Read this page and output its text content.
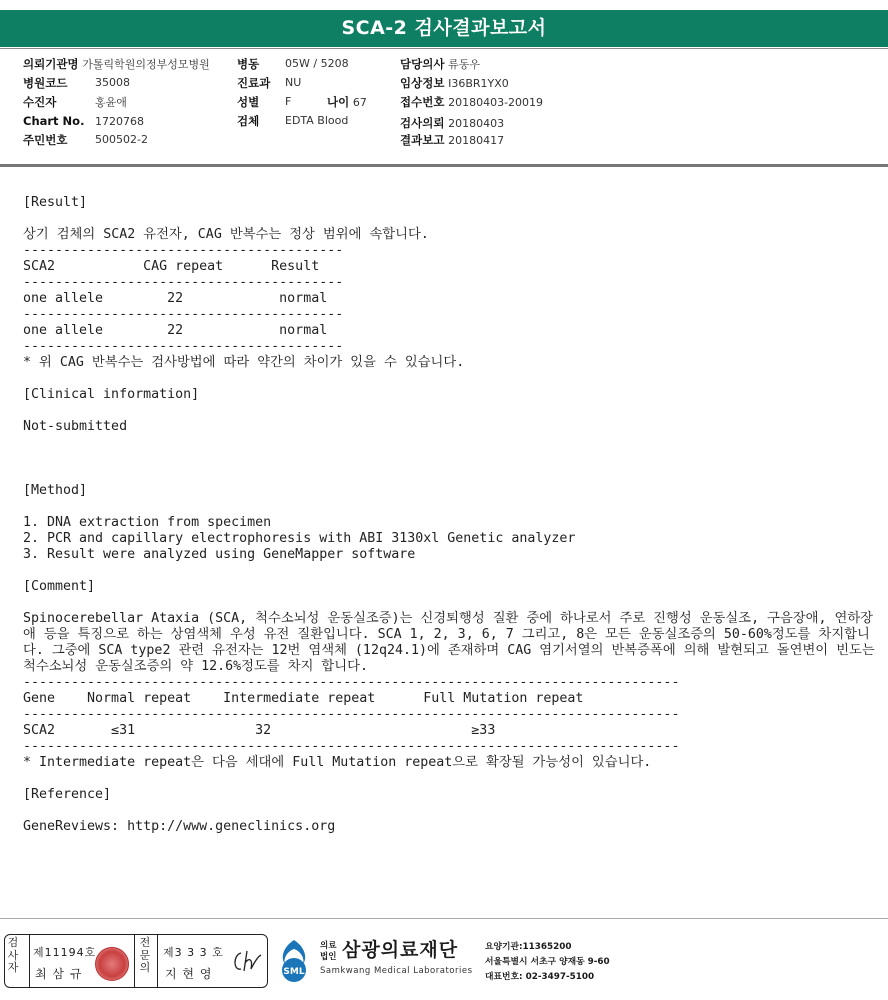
SCA-2 검사결과보고서
의뢰기관명 가톨릭학원의정부성모병원
병원코드	35008
수진자	홍윤애
Chart No. 1720768
주민번호	500502-2
병동 05W / 5208
진료과 NU
성별 F	나이 67
검체 EDTA Blood
담당의사 류동우
임상정보 I36BR1YX0
접수번호 20180403-20019
검사의뢰 20180403
결과보고 20180417
[Result]
상기 검체의 SCA2 유전자, CAG 반복수는 정상 범위에 속합니다.
----------------------------------------
SCA2           CAG repeat      Result
----------------------------------------
one allele        22            normal
----------------------------------------
one allele        22            normal
----------------------------------------
* 위 CAG 반복수는 검사방법에 따라 약간의 차이가 있을 수 있습니다.
[Clinical information]
Not-submitted
[Method]
1. DNA extraction from specimen
2. PCR and capillary electrophoresis with ABI 3130xl Genetic analyzer
3. Result were analyzed using GeneMapper software
[Comment]
Spinocerebellar Ataxia (SCA, 척수소뇌성 운동실조증)는 신경퇴행성 질환 중에 하나로서 주로 진행성 운동실조, 구음장애, 연하장애 등을 특징으로 하는 상염색체 우성 유전 질환입니다. SCA 1, 2, 3, 6, 7 그리고, 8은 모든 운동실조증의 50-60%정도를 차지합니다. 그중에 SCA type2 관련 유전자는 12번 염색체 (12q24.1)에 존재하며 CAG 염기서열의 반복증폭에 의해 발현되고 돌연변이 빈도는 척수소뇌성 운동실조증의 약 12.6%정도를 차지 합니다.
----------------------------------------------------------------------------------
Gene    Normal repeat    Intermediate repeat      Full Mutation repeat
----------------------------------------------------------------------------------
SCA2       ≤31               32                         ≥33
----------------------------------------------------------------------------------
* Intermediate repeat은 다음 세대에 Full Mutation repeat으로 확장될 가능성이 있습니다.
[Reference]
GeneReviews: http://www.geneclinics.org
검
사
자
제11194호
최 삼 규
전
문
의
제3 3 3 호
지 현 영	SML
의료
법인 삼광의료재단
Samkwang Medical Laboratories
요양기관:11365200
서울특별시 서초구 양재동 9-60
대표번호: 02-3497-5100
